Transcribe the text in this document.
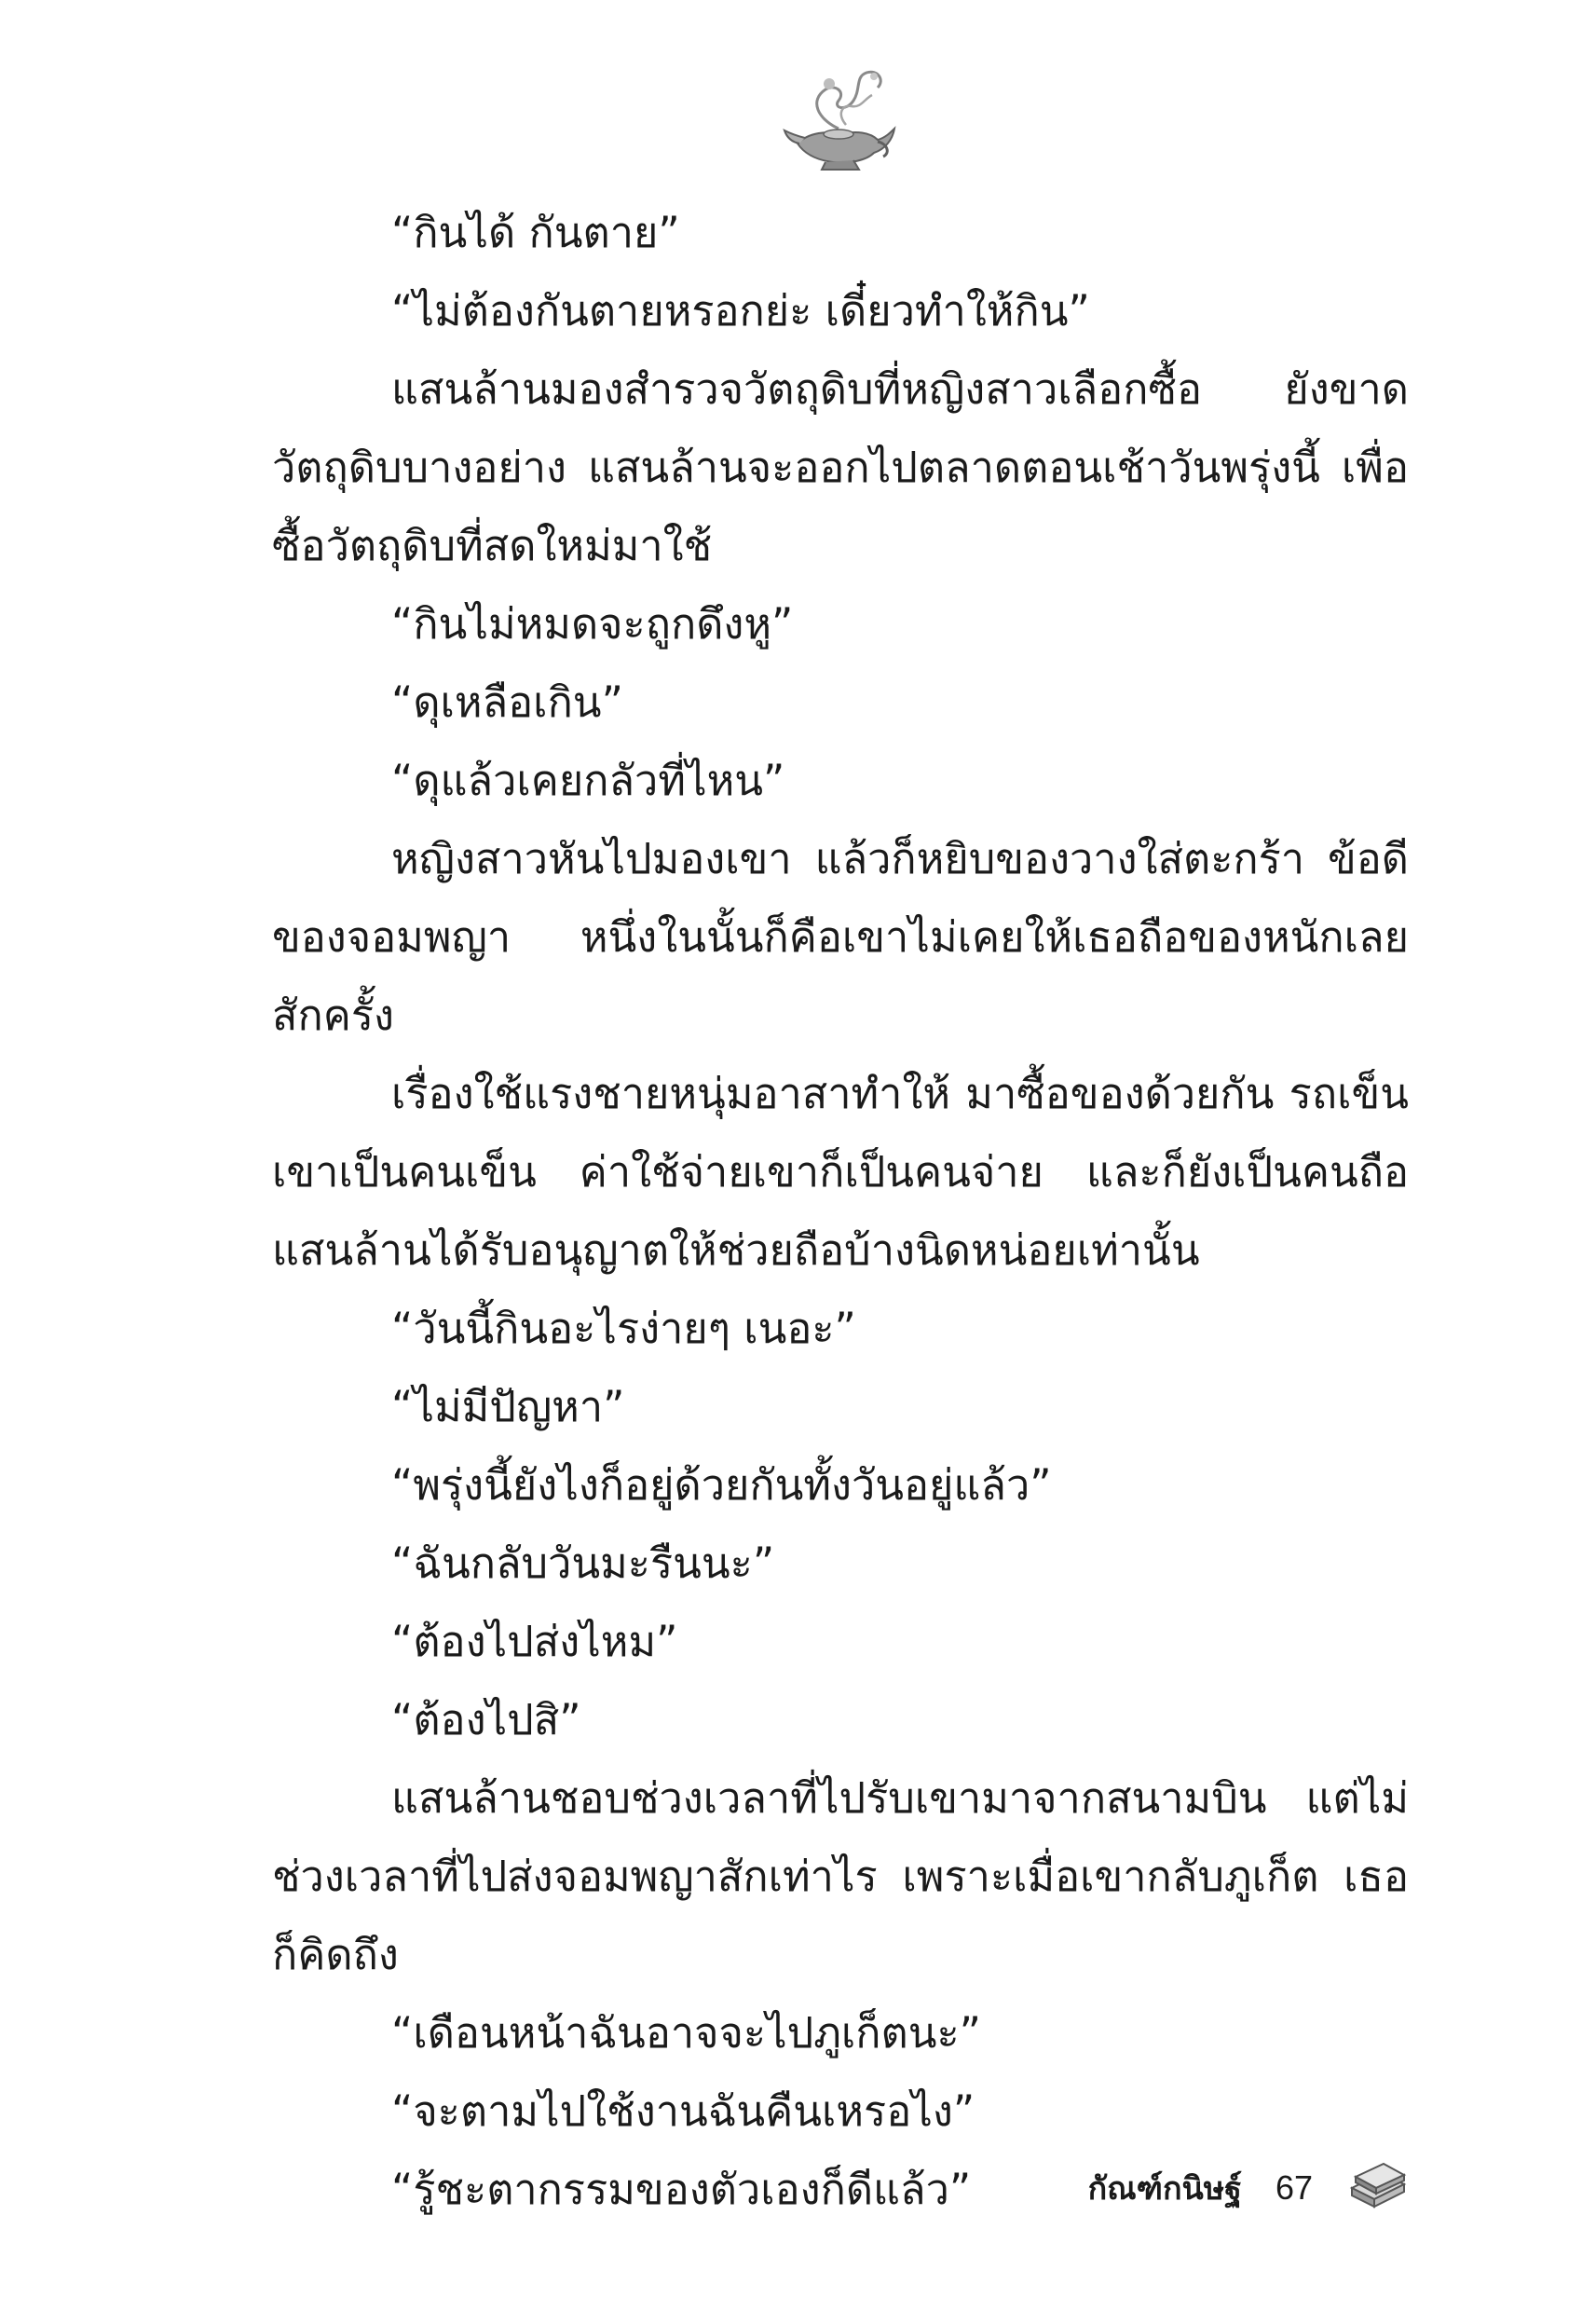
“กินได้ กันตาย”

“ไม่ต้องกันตายหรอกย่ะ เดี๋ยวทำให้กิน”

แสนล้านมองสำรวจวัตถุดิบที่หญิงสาวเลือกซื้อ ยังขาด

วัตถุดิบบางอย่าง แสนล้านจะออกไปตลาดตอนเช้าวันพรุ่งนี้ เพื่อ

ซื้อวัตถุดิบที่สดใหม่มาใช้

“กินไม่หมดจะถูกดึงหู”

“ดุเหลือเกิน”

“ดุแล้วเคยกลัวที่ไหน”

หญิงสาวหันไปมองเขา แล้วก็หยิบของวางใส่ตะกร้า ข้อดี

ของจอมพญา หนึ่งในนั้นก็คือเขาไม่เคยให้เธอถือของหนักเลย

สักครั้ง

เรื่องใช้แรงชายหนุ่มอาสาทำให้ มาซื้อของด้วยกัน รถเข็น

เขาเป็นคนเข็น ค่าใช้จ่ายเขาก็เป็นคนจ่าย และก็ยังเป็นคนถือ

แสนล้านได้รับอนุญาตให้ช่วยถือบ้างนิดหน่อยเท่านั้น

“วันนี้กินอะไรง่ายๆ เนอะ”

“ไม่มีปัญหา”

“พรุ่งนี้ยังไงก็อยู่ด้วยกันทั้งวันอยู่แล้ว”

“ฉันกลับวันมะรืนนะ”

“ต้องไปส่งไหม”

“ต้องไปสิ”

แสนล้านชอบช่วงเวลาที่ไปรับเขามาจากสนามบิน แต่ไม่

ช่วงเวลาที่ไปส่งจอมพญาสักเท่าไร เพราะเมื่อเขากลับภูเก็ต เธอ

ก็คิดถึง

“เดือนหน้าฉันอาจจะไปภูเก็ตนะ”

“จะตามไปใช้งานฉันคืนเหรอไง”

“รู้ชะตากรรมของตัวเองก็ดีแล้ว”	กัณฑ์กนิษฐ์ 67
